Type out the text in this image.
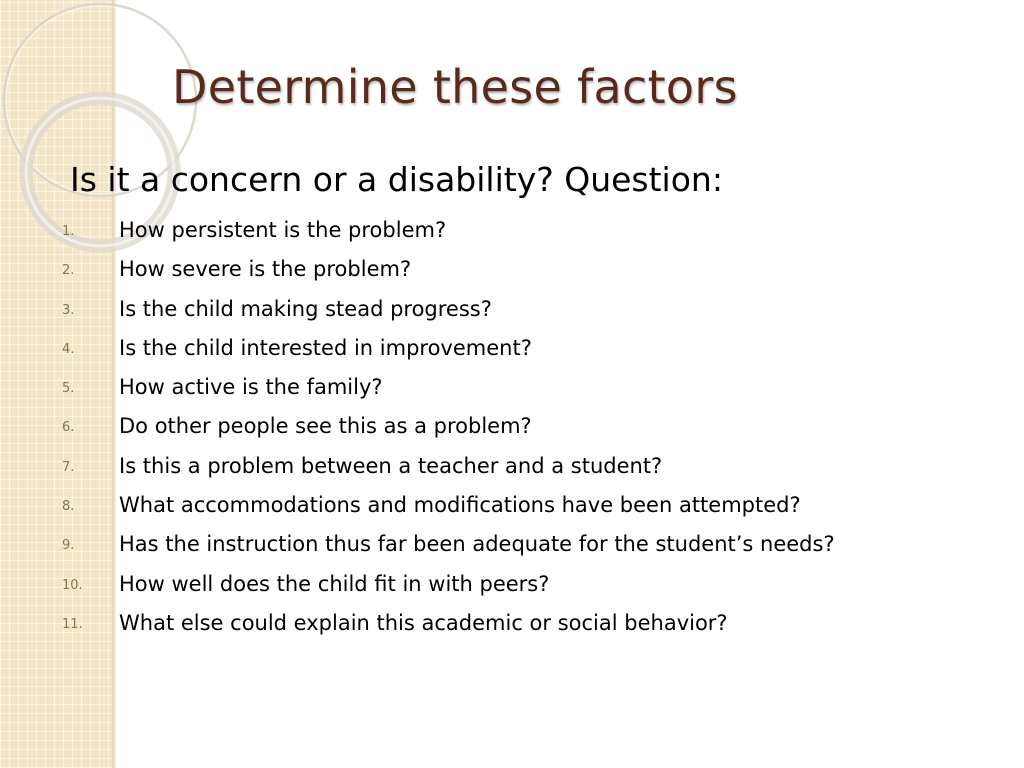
Determine these factors
Is it a concern or a disability? Question:
1. How persistent is the problem?
2. How severe is the problem?
3. Is the child making stead progress?
4. Is the child interested in improvement?
5. How active is the family?
6. Do other people see this as a problem?
7. Is this a problem between a teacher and a student?
8. What accommodations and modifications have been attempted?
9. Has the instruction thus far been adequate for the student’s needs?
10. How well does the child fit in with peers?
11. What else could explain this academic or social behavior?
